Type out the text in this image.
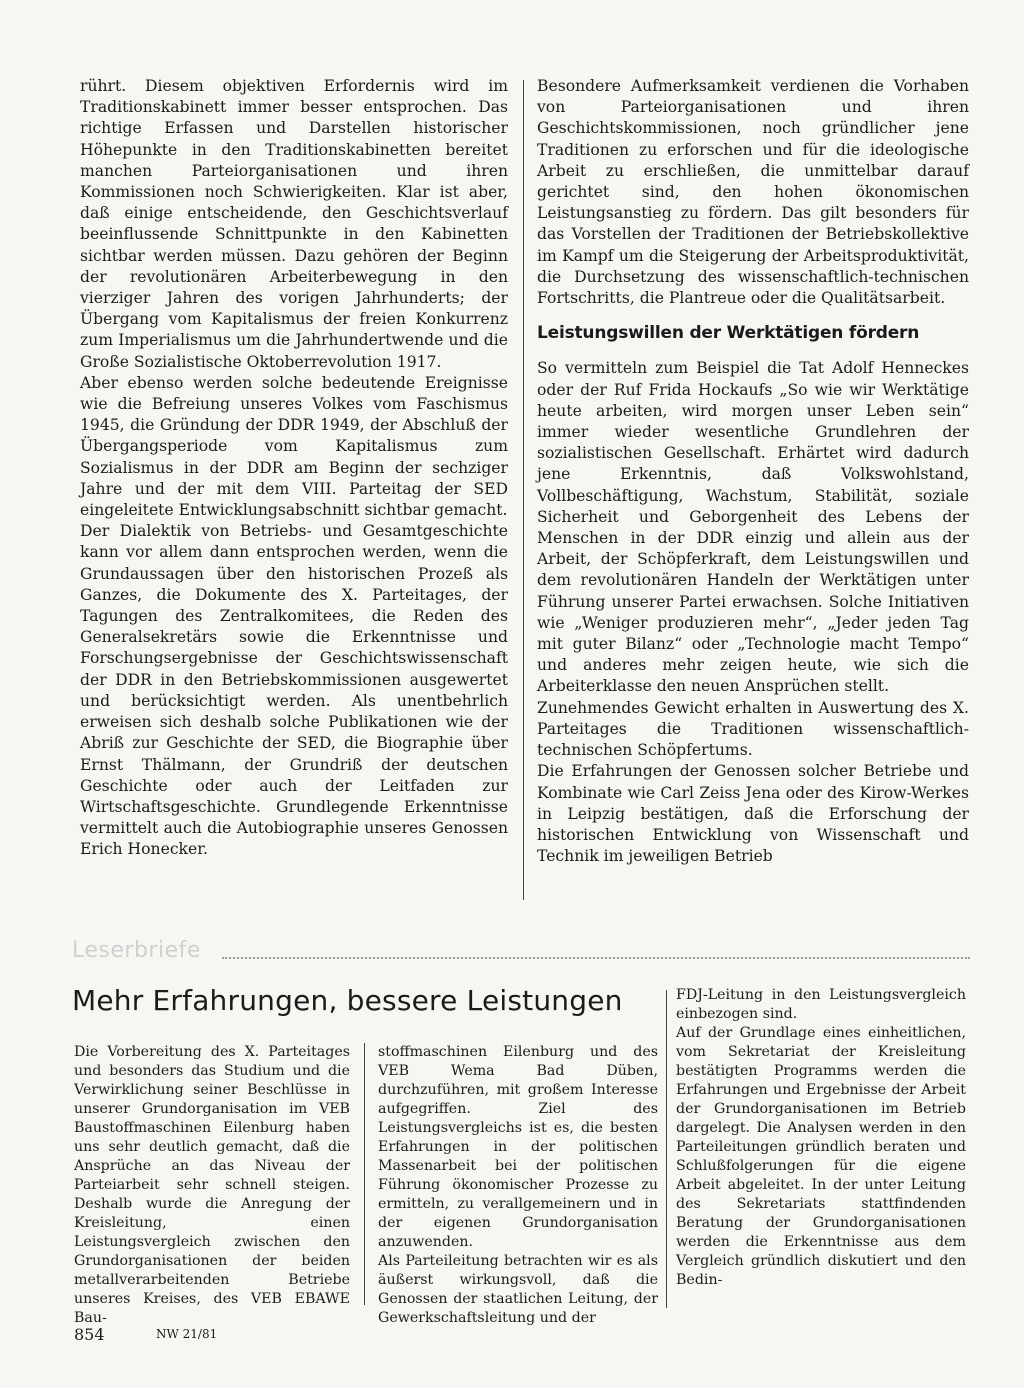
rührt. Diesem objektiven Erfordernis wird im Traditionskabinett immer besser entsprochen. Das richtige Erfassen und Darstellen historischer Höhepunkte in den Traditionskabinetten bereitet manchen Parteiorganisationen und ihren Kommissionen noch Schwierigkeiten. Klar ist aber, daß einige entscheidende, den Geschichtsverlauf beeinflussende Schnittpunkte in den Kabinetten sichtbar werden müssen. Dazu gehören der Beginn der revolutionären Arbeiterbewegung in den vierziger Jahren des vorigen Jahrhunderts; der Übergang vom Kapitalismus der freien Konkurrenz zum Imperialismus um die Jahrhundertwende und die Große Sozialistische Oktoberrevolution 1917.

Aber ebenso werden solche bedeutende Ereignisse wie die Befreiung unseres Volkes vom Faschismus 1945, die Gründung der DDR 1949, der Abschluß der Übergangsperiode vom Kapitalismus zum Sozialismus in der DDR am Beginn der sechziger Jahre und der mit dem VIII. Parteitag der SED eingeleitete Entwicklungsabschnitt sichtbar gemacht.

Der Dialektik von Betriebs- und Gesamtgeschichte kann vor allem dann entsprochen werden, wenn die Grundaussagen über den historischen Prozeß als Ganzes, die Dokumente des X. Parteitages, der Tagungen des Zentralkomitees, die Reden des Generalsekretärs sowie die Erkenntnisse und Forschungsergebnisse der Geschichtswissenschaft der DDR in den Betriebskommissionen ausgewertet und berücksichtigt werden. Als unentbehrlich erweisen sich deshalb solche Publikationen wie der Abriß zur Geschichte der SED, die Biographie über Ernst Thälmann, der Grundriß der deutschen Geschichte oder auch der Leitfaden zur Wirtschaftsgeschichte. Grundlegende Erkenntnisse vermittelt auch die Autobiographie unseres Genossen Erich Honecker.

Besondere Aufmerksamkeit verdienen die Vorhaben von Parteiorganisationen und ihren Geschichtskommissionen, noch gründlicher jene Traditionen zu erforschen und für die ideologische Arbeit zu erschließen, die unmittelbar darauf gerichtet sind, den hohen ökonomischen Leistungsanstieg zu fördern. Das gilt besonders für das Vorstellen der Traditionen der Betriebskollektive im Kampf um die Steigerung der Arbeitsproduktivität, die Durchsetzung des wissenschaftlich-technischen Fortschritts, die Plantreue oder die Qualitätsarbeit.

Leistungswillen der Werktätigen fördern

So vermitteln zum Beispiel die Tat Adolf Henneckes oder der Ruf Frida Hockaufs „So wie wir Werktätige heute arbeiten, wird morgen unser Leben sein“ immer wieder wesentliche Grundlehren der sozialistischen Gesellschaft. Erhärtet wird dadurch jene Erkenntnis, daß Volkswohlstand, Vollbeschäftigung, Wachstum, Stabilität, soziale Sicherheit und Geborgenheit des Lebens der Menschen in der DDR einzig und allein aus der Arbeit, der Schöpferkraft, dem Leistungswillen und dem revolutionären Handeln der Werktätigen unter Führung unserer Partei erwachsen. Solche Initiativen wie „Weniger produzieren mehr“, „Jeder jeden Tag mit guter Bilanz“ oder „Technologie macht Tempo“ und anderes mehr zeigen heute, wie sich die Arbeiterklasse den neuen Ansprüchen stellt.

Zunehmendes Gewicht erhalten in Auswertung des X. Parteitages die Traditionen wissenschaftlich-technischen Schöpfertums.

Die Erfahrungen der Genossen solcher Betriebe und Kombinate wie Carl Zeiss Jena oder des Kirow-Werkes in Leipzig bestätigen, daß die Erforschung der historischen Entwicklung von Wissenschaft und Technik im jeweiligen Betrieb

Leserbriefe
Mehr Erfahrungen, bessere Leistungen

Die Vorbereitung des X. Parteitages und besonders das Studium und die Verwirklichung seiner Beschlüsse in unserer Grundorganisation im VEB Baustoffmaschinen Eilenburg haben uns sehr deutlich gemacht, daß die Ansprüche an das Niveau der Parteiarbeit sehr schnell steigen. Deshalb wurde die Anregung der Kreisleitung, einen Leistungsvergleich zwischen den Grundorganisationen der beiden metallverarbeitenden Betriebe unseres Kreises, des VEB EBAWE Bau-

stoffmaschinen Eilenburg und des VEB Wema Bad Düben, durchzuführen, mit großem Interesse aufgegriffen. Ziel des Leistungsvergleichs ist es, die besten Erfahrungen in der politischen Massenarbeit bei der politischen Führung ökonomischer Prozesse zu ermitteln, zu verallgemeinern und in der eigenen Grundorganisation anzuwenden.

Als Parteileitung betrachten wir es als äußerst wirkungsvoll, daß die Genossen der staatlichen Leitung, der Gewerkschaftsleitung und der

FDJ-Leitung in den Leistungsvergleich einbezogen sind.

Auf der Grundlage eines einheitlichen, vom Sekretariat der Kreisleitung bestätigten Programms werden die Erfahrungen und Ergebnisse der Arbeit der Grundorganisationen im Betrieb dargelegt. Die Analysen werden in den Parteileitungen gründlich beraten und Schlußfolgerungen für die eigene Arbeit abgeleitet. In der unter Leitung des Sekretariats stattfindenden Beratung der Grundorganisationen werden die Erkenntnisse aus dem Vergleich gründlich diskutiert und den Bedin-

854	NW 21/81
